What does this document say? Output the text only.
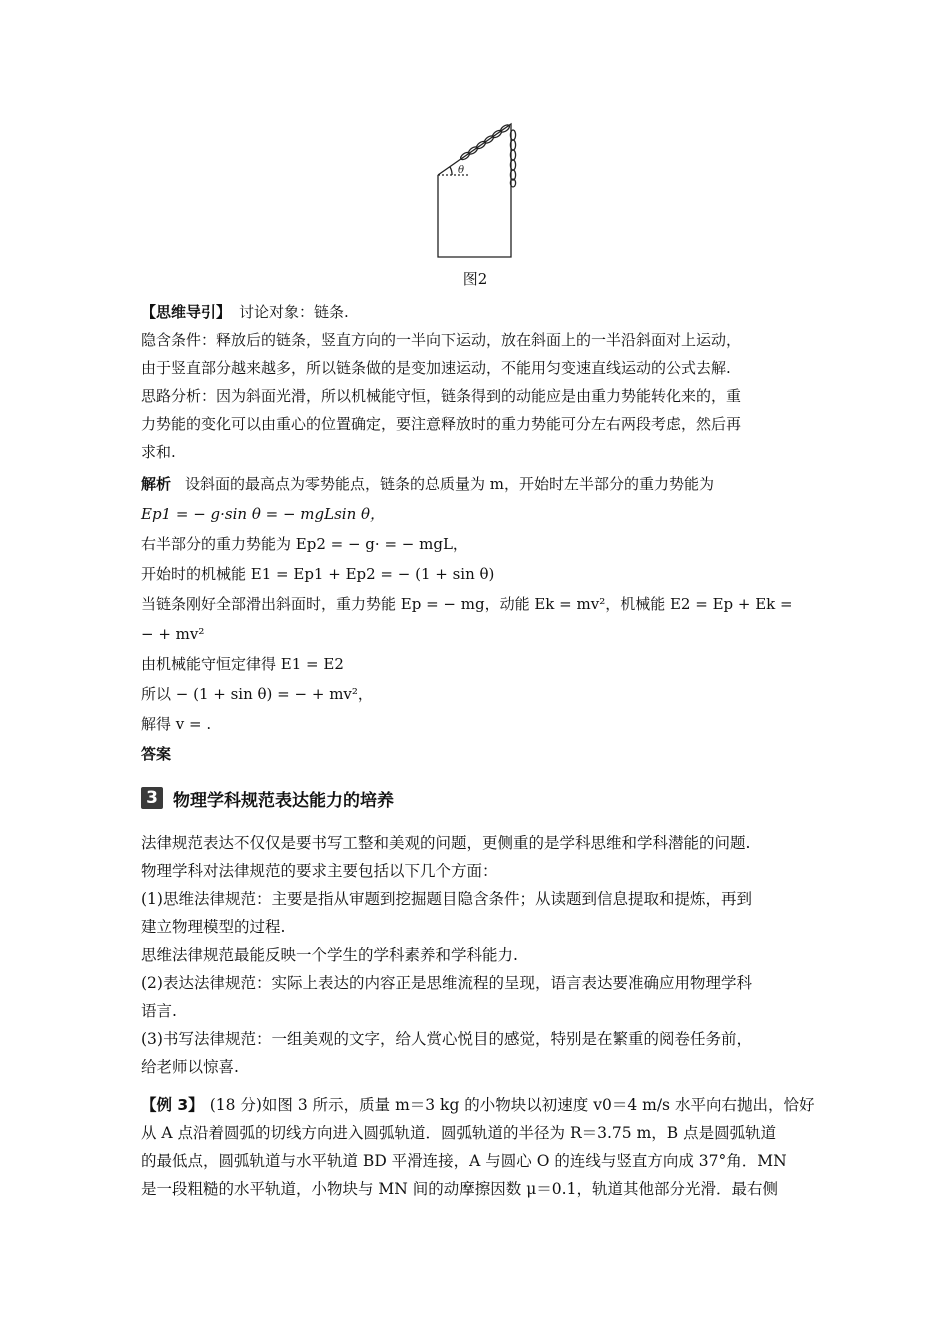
θ
图2

【思维导引】 讨论对象：链条.

隐含条件：释放后的链条，竖直方向的一半向下运动，放在斜面上的一半沿斜面对上运动，

由于竖直部分越来越多，所以链条做的是变加速运动，不能用匀变速直线运动的公式去解.

思路分析：因为斜面光滑，所以机械能守恒，链条得到的动能应是由重力势能转化来的，重

力势能的变化可以由重心的位置确定，要注意释放时的重力势能可分左右两段考虑，然后再

求和.

解析 设斜面的最高点为零势能点，链条的总质量为 m，开始时左半部分的重力势能为

Ep1 = − g·sin θ = − mgLsin θ，

右半部分的重力势能为 Ep2 = − g· = − mgL，

开始时的机械能 E1 = Ep1 + Ep2 = − (1 + sin θ)

当链条刚好全部滑出斜面时，重力势能 Ep = − mg，动能 Ek = mv²，机械能 E2 = Ep + Ek =

− + mv²

由机械能守恒定律得 E1 = E2

所以 − (1 + sin θ) = − + mv²，

解得 v = .

答案

3 物理学科规范表达能力的培养

法律规范表达不仅仅是要书写工整和美观的问题，更侧重的是学科思维和学科潜能的问题.

物理学科对法律规范的要求主要包括以下几个方面：

(1)思维法律规范：主要是指从审题到挖掘题目隐含条件；从读题到信息提取和提炼，再到

建立物理模型的过程.

思维法律规范最能反映一个学生的学科素养和学科能力.

(2)表达法律规范：实际上表达的内容正是思维流程的呈现，语言表达要准确应用物理学科

语言.

(3)书写法律规范：一组美观的文字，给人赏心悦目的感觉，特别是在繁重的阅卷任务前，

给老师以惊喜.

【例 3】 (18 分)如图 3 所示，质量 m＝3 kg 的小物块以初速度 v0＝4 m/s 水平向右抛出，恰好

从 A 点沿着圆弧的切线方向进入圆弧轨道．圆弧轨道的半径为 R＝3.75 m，B 点是圆弧轨道

的最低点，圆弧轨道与水平轨道 BD 平滑连接，A 与圆心 O 的连线与竖直方向成 37°角．MN

是一段粗糙的水平轨道，小物块与 MN 间的动摩擦因数 μ＝0.1，轨道其他部分光滑．最右侧
